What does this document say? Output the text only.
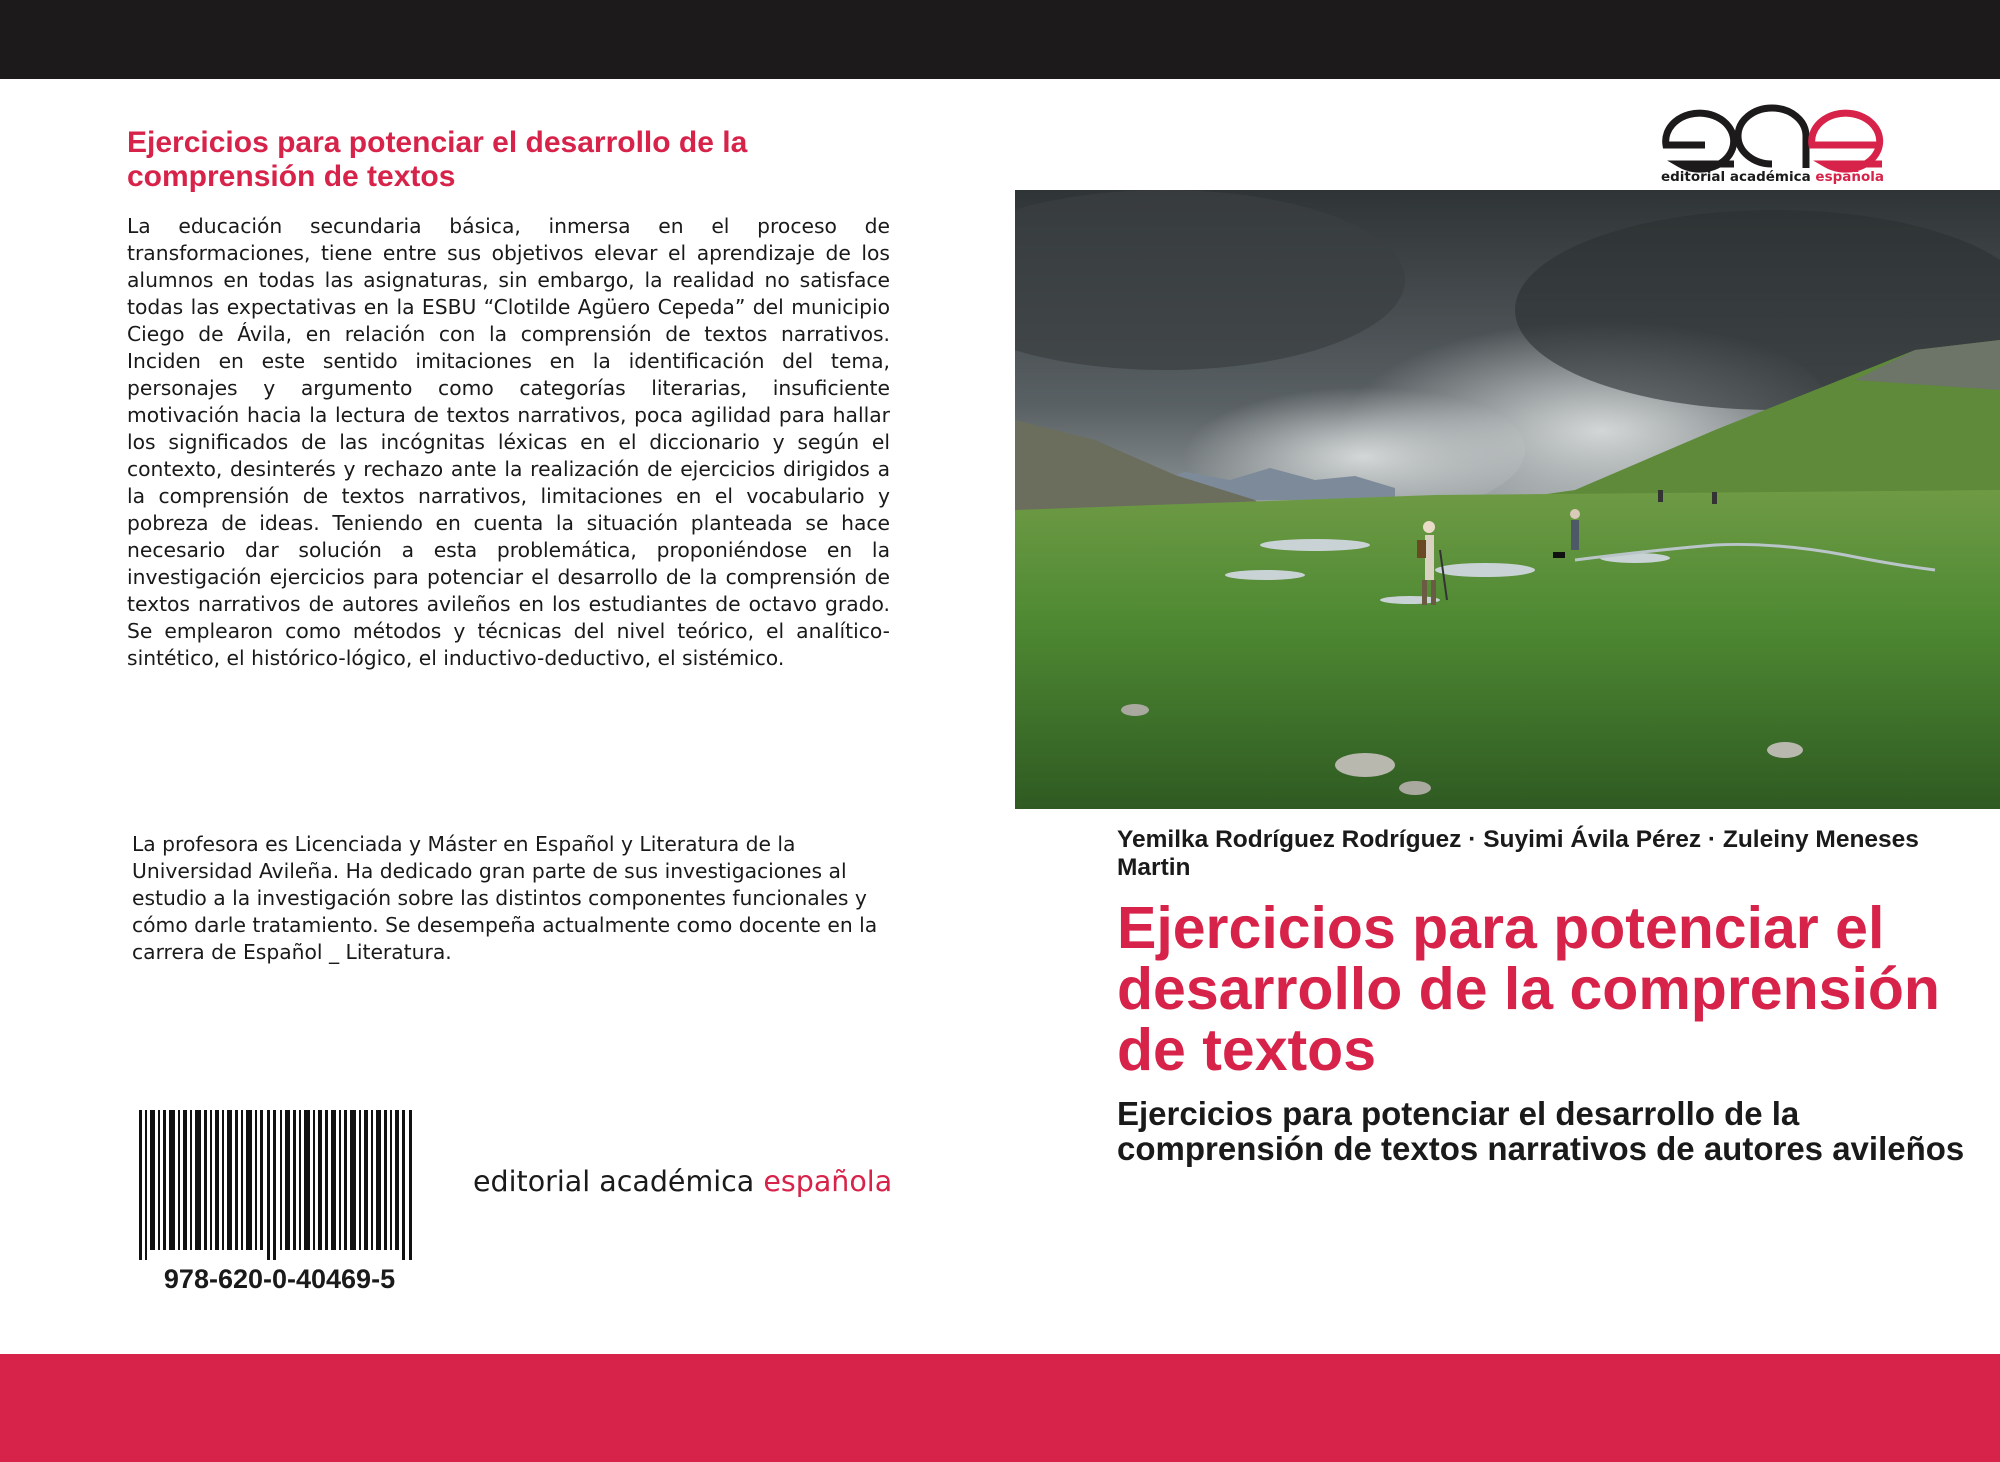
Ejercicios para potenciar el desarrollo de la comprensión de textos

La educación secundaria básica, inmersa en el proceso de transformaciones, tiene entre sus objetivos elevar el aprendizaje de los alumnos en todas las asignaturas, sin embargo, la realidad no satisface todas las expectativas en la ESBU “Clotilde Agüero Cepeda” del municipio Ciego de Ávila, en relación con la comprensión de textos narrativos. Inciden en este sentido imitaciones en la identificación del tema, personajes y argumento como categorías literarias, insuficiente motivación hacia la lectura de textos narrativos, poca agilidad para hallar los significados de las incógnitas léxicas en el diccionario y según el contexto, desinterés y rechazo ante la realización de ejercicios dirigidos a la comprensión de textos narrativos, limitaciones en el vocabulario y pobreza de ideas. Teniendo en cuenta la situación planteada se hace necesario dar solución a esta problemática, proponiéndose en la investigación ejercicios para potenciar el desarrollo de la comprensión de textos narrativos de autores avileños en los estudiantes de octavo grado. Se emplearon como métodos y técnicas del nivel teórico, el analítico-sintético, el histórico-lógico, el inductivo-deductivo, el sistémico.

La profesora es Licenciada y Máster en Español y Literatura de la Universidad Avileña. Ha dedicado gran parte de sus investigaciones al estudio a la investigación sobre las distintos componentes funcionales y cómo darle tratamiento. Se desempeña actualmente como docente en la carrera de Español _ Literatura.

978-620-0-40469-5
editorial académica española
editorial académica española

Yemilka Rodríguez Rodríguez · Suyimi Ávila Pérez · Zuleiny Meneses Martin

Ejercicios para potenciar el desarrollo de la comprensión de textos

Ejercicios para potenciar el desarrollo de la comprensión de textos narrativos de autores avileños
